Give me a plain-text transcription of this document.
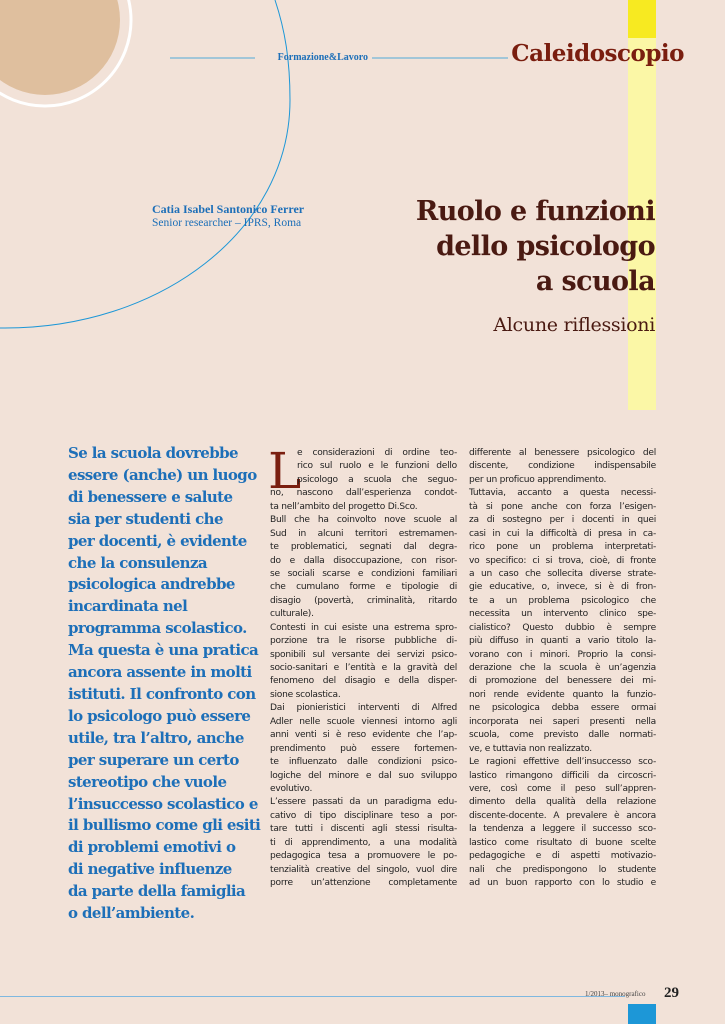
Formazione&Lavoro	Caleidoscopio
Catia Isabel Santonico Ferrer
Senior researcher – IPRS, Roma	Ruolo e funzioni
dello psicologo
a scuola
Alcune riflessioni
Se la scuola dovrebbe
essere (anche) un luogo
di benessere e salute
sia per studenti che
per docenti, è evidente
che la consulenza
psicologica andrebbe
incardinata nel
programma scolastico.
Ma questa è una pratica
ancora assente in molti
istituti. Il confronto con
lo psicologo può essere
utile, tra l’altro, anche
per superare un certo
stereotipo che vuole
l’insuccesso scolastico e
il bullismo come gli esiti
di problemi emotivi o
di negative influenze
da parte della famiglia
o dell’ambiente.
L
e considerazioni di ordine teo-
rico sul ruolo e le funzioni dello
psicologo a scuola che seguo-
no, nascono dall’esperienza condot-
ta nell’ambito del progetto Di.Sco.
Bull che ha coinvolto nove scuole al
Sud in alcuni territori estremamen-
te problematici, segnati dal degra-
do e dalla disoccupazione, con risor-
se sociali scarse e condizioni familiari
che cumulano forme e tipologie di
disagio (povertà, criminalità, ritardo
culturale).
Contesti in cui esiste una estrema spro-
porzione tra le risorse pubbliche di-
sponibili sul versante dei servizi psico-
socio-sanitari e l’entità e la gravità del
fenomeno del disagio e della disper-
sione scolastica.
Dai pionieristici interventi di Alfred
Adler nelle scuole viennesi intorno agli
anni venti si è reso evidente che l’ap-
prendimento può essere fortemen-
te influenzato dalle condizioni psico-
logiche del minore e dal suo sviluppo
evolutivo.
L’essere passati da un paradigma edu-
cativo di tipo disciplinare teso a por-
tare tutti i discenti agli stessi risulta-
ti di apprendimento, a una modalità
pedagogica tesa a promuovere le po-
tenzialità creative del singolo, vuol dire
porre un’attenzione completamente
differente al benessere psicologico del
discente, condizione indispensabile
per un proficuo apprendimento.
Tuttavia, accanto a questa necessi-
tà si pone anche con forza l’esigen-
za di sostegno per i docenti in quei
casi in cui la difficoltà di presa in ca-
rico pone un problema interpretati-
vo specifico: ci si trova, cioè, di fronte
a un caso che sollecita diverse strate-
gie educative, o, invece, si è di fron-
te a un problema psicologico che
necessita un intervento clinico spe-
cialistico? Questo dubbio è sempre
più diffuso in quanti a vario titolo la-
vorano con i minori. Proprio la consi-
derazione che la scuola è un’agenzia
di promozione del benessere dei mi-
nori rende evidente quanto la funzio-
ne psicologica debba essere ormai
incorporata nei saperi presenti nella
scuola, come previsto dalle normati-
ve, e tuttavia non realizzato.
Le ragioni effettive dell’insuccesso sco-
lastico rimangono difficili da circoscri-
vere, così come il peso sull’appren-
dimento della qualità della relazione
discente-docente. A prevalere è ancora
la tendenza a leggere il successo sco-
lastico come risultato di buone scelte
pedagogiche e di aspetti motivazio-
nali che predispongono lo studente
ad un buon rapporto con lo studio e
1/2013– monografico 29
